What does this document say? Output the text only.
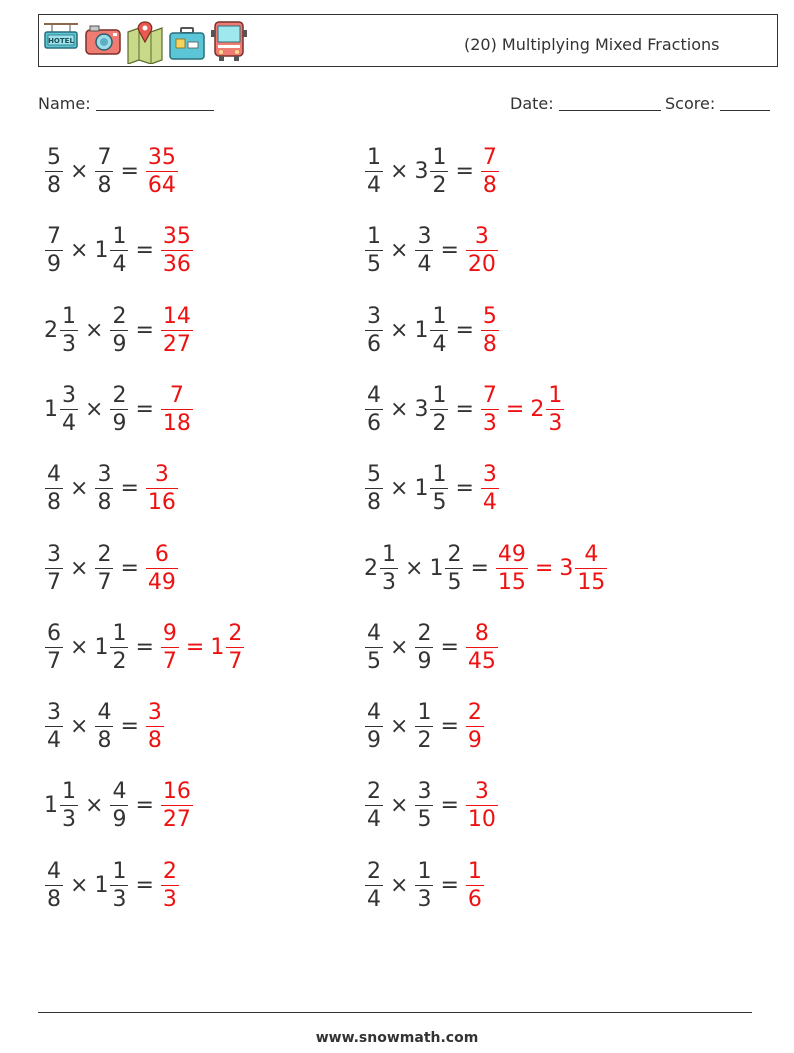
HOTEL	(20) Multiplying Mixed Fractions
Name:	Date:	Score:
$\frac{5}{8} \times \frac{7}{8} = \frac{35}{64}$	$\frac{1}{4} \times 3 \frac{1}{2} = \frac{7}{8}$
$\frac{7}{9} \times 1 \frac{1}{4} = \frac{35}{36}$	$\frac{1}{5} \times \frac{3}{4} = \frac{3}{20}$
$2 \frac{1}{3} \times \frac{2}{9} = \frac{14}{27}$	$\frac{3}{6} \times 1 \frac{1}{4} = \frac{5}{8}$
$1 \frac{3}{4} \times \frac{2}{9} = \frac{7}{18}$	$\frac{4}{6} \times 3 \frac{1}{2} = \frac{7}{3} = 2 \frac{1}{3}$
$\frac{4}{8} \times \frac{3}{8} = \frac{3}{16}$	$\frac{5}{8} \times 1 \frac{1}{5} = \frac{3}{4}$
$\frac{3}{7} \times \frac{2}{7} = \frac{6}{49}$	$2 \frac{1}{3} \times 1 \frac{2}{5} = \frac{49}{15} = 3 \frac{4}{15}$
$\frac{6}{7} \times 1 \frac{1}{2} = \frac{9}{7} = 1 \frac{2}{7}$	$\frac{4}{5} \times \frac{2}{9} = \frac{8}{45}$
$\frac{3}{4} \times \frac{4}{8} = \frac{3}{8}$	$\frac{4}{9} \times \frac{1}{2} = \frac{2}{9}$
$1 \frac{1}{3} \times \frac{4}{9} = \frac{16}{27}$	$\frac{2}{4} \times \frac{3}{5} = \frac{3}{10}$
$\frac{4}{8} \times 1 \frac{1}{3} = \frac{2}{3}$	$\frac{2}{4} \times \frac{1}{3} = \frac{1}{6}$
www.snowmath.com
